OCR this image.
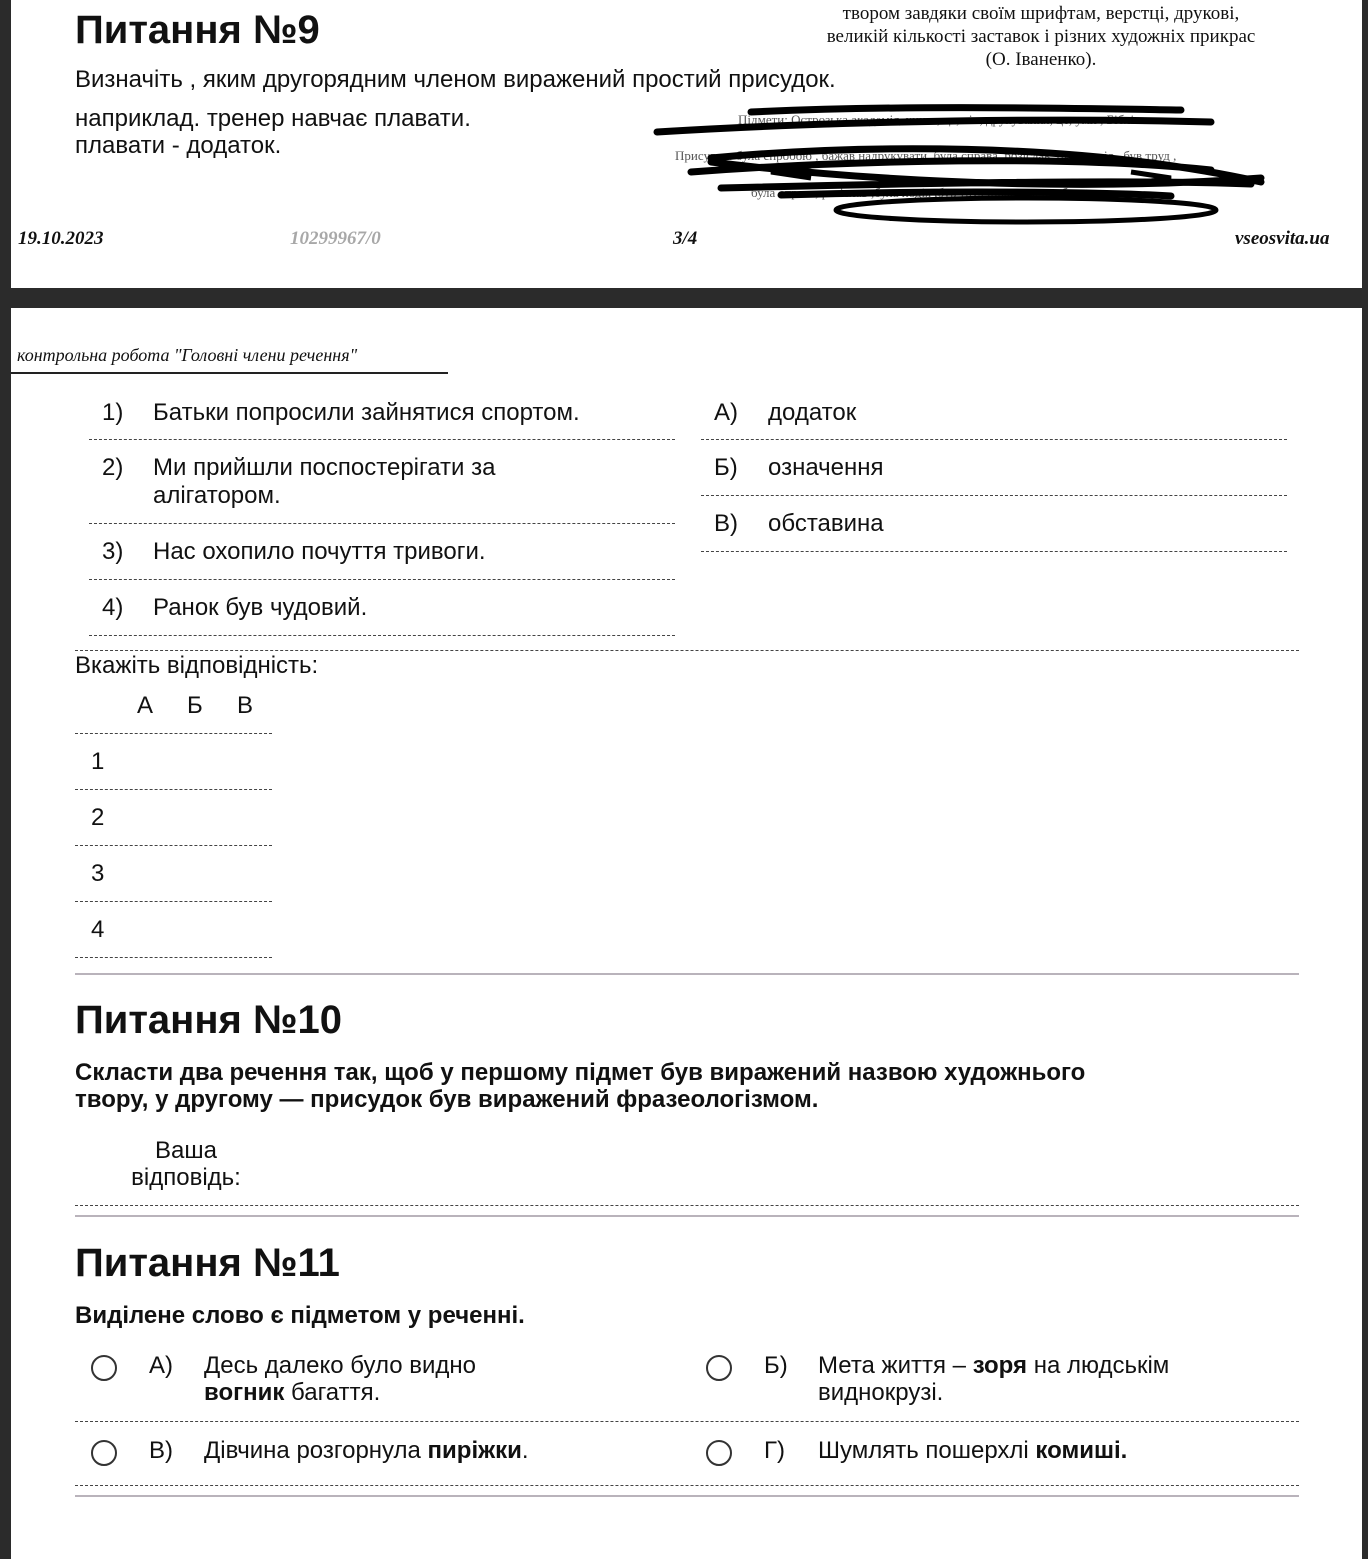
Питання №9
Визначіть , яким другорядним членом виражений простий присудок.
наприклад. тренер навчає плавати.
плавати - додаток.
твором завдяки своїм шрифтам, верстці, друкові,
великій кількості заставок і різних художніх прикрас
(О. Іваненко).
Підмети: Острозька академія, книга, це, він, друкування, це, уми , Біблія
Присудки: була спробою , бажав надрукувати, була справа, розіслав ,була подія , був труд ,
була справа, розіслав ,була подія ,був труд ,працювали , була твором.
19.10.2023	10299967/0	3/4	vseosvita.ua
контрольна робота "Головні члени речення"
1) Батьки попросили зайнятися спортом.
2) Ми прийшли поспостерігати за
алігатором.
3) Нас охопило почуття тривоги.
4) Ранок був чудовий.
А) додаток
Б) означення
В) обставина
Вкажіть відповідність:
А Б В
1
2
3
4
Питання №10
Скласти два речення так, щоб у першому підмет був виражений назвою художнього
твору, у другому — присудок був виражений фразеологізмом.
Ваша
відповідь:
Питання №11
Виділене слово є підметом у реченні.
А) Десь далеко було видно
вогник багаття.
Б) Мета життя – зоря на людськім
виднокрузі.
В) Дівчина розгорнула пиріжки.	Г) Шумлять пошерхлі комиші.
